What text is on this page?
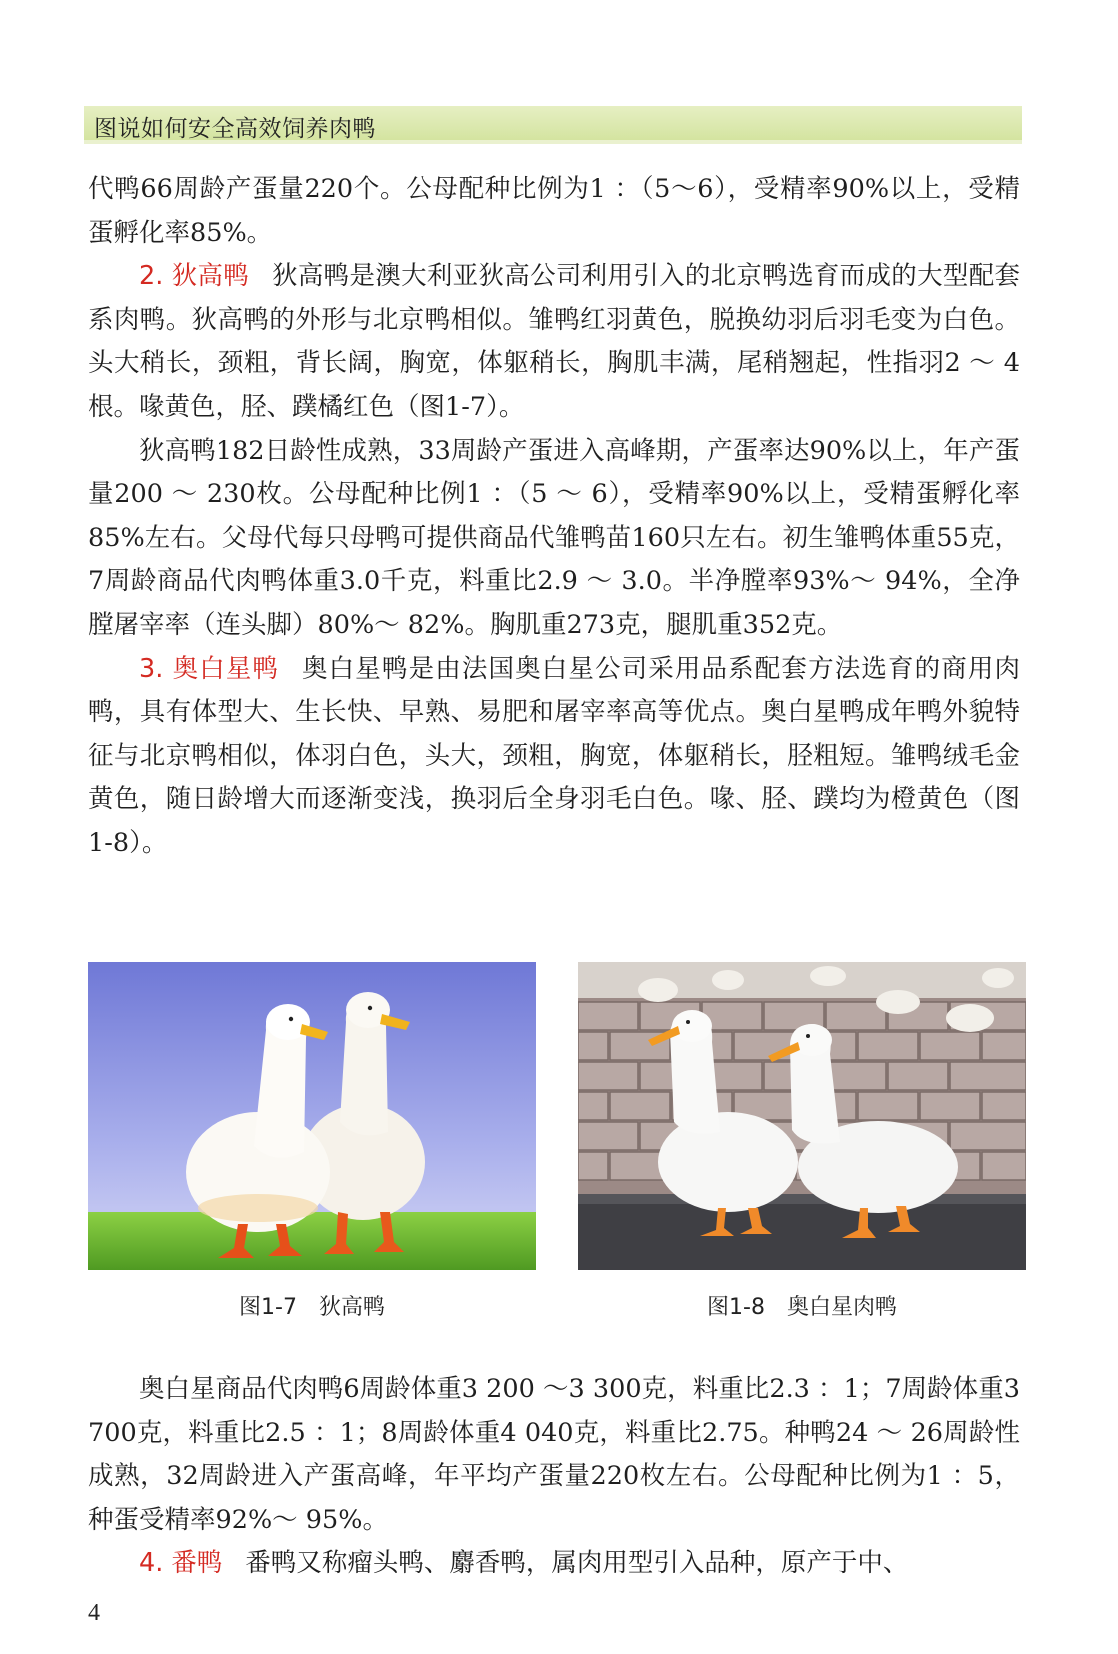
图说如何安全高效饲养肉鸭

代鸭66周龄产蛋量220个。公母配种比例为1 ：（5～6），受精率90%以上，受精蛋孵化率85%。

2. 狄高鸭 狄高鸭是澳大利亚狄高公司利用引入的北京鸭选育而成的大型配套系肉鸭。狄高鸭的外形与北京鸭相似。雏鸭红羽黄色，脱换幼羽后羽毛变为白色。头大稍长，颈粗，背长阔，胸宽，体躯稍长，胸肌丰满，尾稍翘起，性指羽2 ～ 4根。喙黄色，胫、蹼橘红色（图1-7）。

狄高鸭182日龄性成熟，33周龄产蛋进入高峰期，产蛋率达90%以上，年产蛋量200 ～ 230枚。公母配种比例1 ：（5 ～ 6），受精率90%以上，受精蛋孵化率85%左右。父母代每只母鸭可提供商品代雏鸭苗160只左右。初生雏鸭体重55克，7周龄商品代肉鸭体重3.0千克，料重比2.9 ～ 3.0。半净膛率93%～ 94%，全净膛屠宰率（连头脚）80%～ 82%。胸肌重273克，腿肌重352克。

3. 奥白星鸭 奥白星鸭是由法国奥白星公司采用品系配套方法选育的商用肉鸭，具有体型大、生长快、早熟、易肥和屠宰率高等优点。奥白星鸭成年鸭外貌特征与北京鸭相似，体羽白色，头大，颈粗，胸宽，体躯稍长，胫粗短。雏鸭绒毛金黄色，随日龄增大而逐渐变浅，换羽后全身羽毛白色。喙、胫、蹼均为橙黄色（图1-8）。

图1-7　狄高鸭	图1-8　奥白星肉鸭

奥白星商品代肉鸭6周龄体重3 200 ～3 300克，料重比2.3 ：1；7周龄体重3 700克，料重比2.5 ：1；8周龄体重4 040克，料重比2.75。种鸭24 ～ 26周龄性成熟，32周龄进入产蛋高峰，年平均产蛋量220枚左右。公母配种比例为1 ：5，种蛋受精率92%～ 95%。

4. 番鸭 番鸭又称瘤头鸭、麝香鸭，属肉用型引入品种，原产于中、

4
